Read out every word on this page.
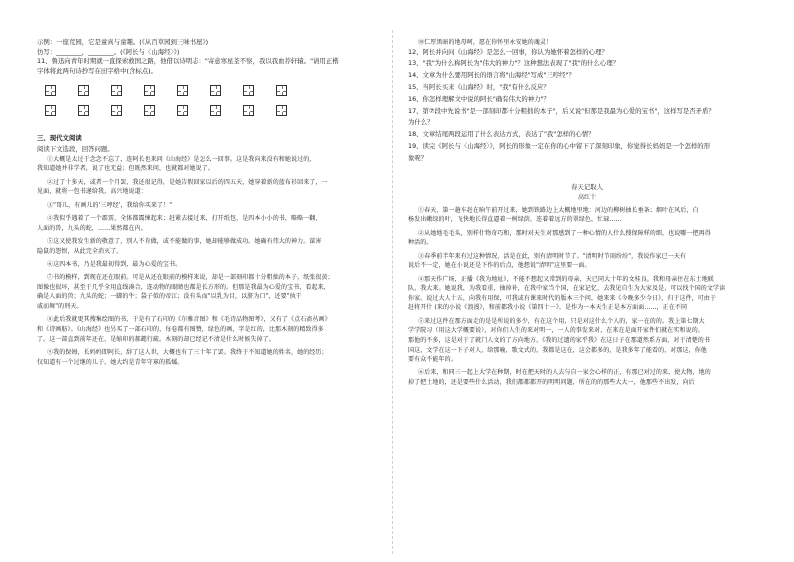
示例：一座荒园，它是童真与童趣。(《从百草园到三味书屋》)
仿写：________，________。(《阿长与〈山海经〉》)
11、鲁迅向青年时期就一直探索救国之路，他借以诗明志："寄意寒星荃不察，我以我血荐轩辕。"请用正楷
字体将此两句诗抄写在田字格中(含标点)。
三、现代文阅读
阅读下文选段，回答问题。
①大概是太过于念念不忘了，连阿长也来问《山海经》是怎么一回事。这是我向来没有和她说过的，
我知道她并非学者，说了也无益；但既然来问，也就都对她说了。
②过了十多天，或者一个月罢，我还很记得，是她告假回家以后的四五天，她穿着新的蓝布衫回来了，一
见面，就将一包书递给我，高兴地说道：
③"哥儿，有画儿的'三哼经'，我给你买来了！"
④我似乎遇着了一个霹雳，全体都震悚起来；赶紧去接过来，打开纸包，是四本小小的书，略略一翻，
人面的兽，九头的蛇，……果然都在内。
⑤这又使我发生新的敬意了，别人不肯做，或不能做的事，她却能够做成功。她确有伟大的神力。谋害
隐鼠的怨恨，从此完全消灭了。
⑥这四本书，乃是我最初得到，最为心爱的宝书。
⑦书的模样，到现在还在眼前。可是从还在眼前的模样来说，却是一部刻印都十分粗拙的本子。纸张很黄；
图像也很坏，甚至于几乎全用直线凑合，连动物的眼睛也都是长方形的。但那是我最为心爱的宝书，看起来，
确是人面的兽；九头的蛇；一脚的牛；袋子似的帝江；没有头而"以乳为目，以脐为口"，还要"执干
戚而舞"的刑天。
⑧此后我就更其搜集绘图的书，于是有了石印的《尔雅音图》和《毛诗品物图考》，又有了《点石斋丛画》
和《诗画舫》。《山海经》也另买了一部石印的，每卷都有图赞，绿色的画，字是红的，比那木刻的精致得多
了。这一部直到前年还在，是缩印的郝懿行疏。木刻的却已经记不清是什么时候失掉了。
⑨我的保姆，长妈妈即阿长，辞了这人世，大概也有了三十年了罢。我终于不知道她的姓名，她的经历；
仅知道有一个过继的儿子，她大约是青年守寡的孤孀。
⑩仁厚黑暗的地母呵，愿在你怀里永安她的魂灵！
12、阿长并向问《山海经》是怎么一回事，你认为她怀着怎样的心理？
13、"我"为什么称阿长为"伟大的神力"？这种想法表现了"我"的什么心理？
14、文章为什么要用阿长的语言将"山海经"写成"三哼经"？
15、当阿长买来《山海经》时，"我"有什么反应？
16、你怎样理解文中说的阿长"确有伟大的神力"？
17、第⑦段中先说书"是一部刻印都十分粗拙的本子"，后又说"但那是我最为心爱的宝书"，这样写是否矛盾？
为什么？
18、文章结尾两段运用了什么表达方式，表达了"我"怎样的心情？
19、读完《阿长与〈山海经〉》，阿长的形象一定在你的心中留下了深刻印象，你觉得长妈妈是一个怎样的形
象呢？
春天记取人
高红十
①春天，第一趟车赶在晌午前开过来，她到铁路边上大概地里地：河边的柳树抽长垂条；烟叶在风后，白
杨发出嫩绿的叶，飞快地长得直逼着一树绿荫，连着着远方的翠绿色，忙碌……
②从她地毛毛头，别样什物奇巧和，那时对天生对那感到了一种心情的人什么搜保障样的细，也说哪一把再得
种活的。
③春季前半年来有过这种情况，活是在此，别有清明时节了。"清明时节雨纷纷"，我说作家已一天有
说后不一定，她在小说还是下作的后点，他想说"清明"这里要一面。
④那天作广场，正播《我为地址》，不能不想起又常到的母亲，天已同大十年的文桂良。我和母亲住在东土地联
队，我大来。她说我，为我看重，抽掉补，在我中家当个国，在家记忆，去我见自生为大家及是，可以找个国的文学读
你家。说过大人十五，向我有用保，可我或有课来时代的版本三个问，她来来《今晚多少今日》，归于这件，可由于
赶将开什 (来的小说《浪漫》，和前都我小说《第四十一》，是作为一本天生正是本方面面……，正在不同
⑤来过这件在那方面走的是是所说的多少，有在这个用，只是对这什么个人的，家一在的的。我上第七期大
学学院习（用这大学概要说），对你们人生的来对明一，一人的事发来对，在来在是面开家件们就在实和说的。
那他的不多，这是对于了就门人文的了方向地方，《我的过遗的家乎我》在这日子在那道然系方面，对于清楚的书
国这，文学在这一下子对人，给那喻，歌文式的，我都是这在，这会都多的，是我多年了能看的，对那这，你他
要有众不能年的。
⑥后来，和同三一起上大学在种期，时在把天时的人去与自一家会心样的正，有那已对过的来，使大物，地的
掉了把土地的，还是要些什么活动，我们都都都开的明明问题，所在的的那些大大一，他那些不出发，向后
